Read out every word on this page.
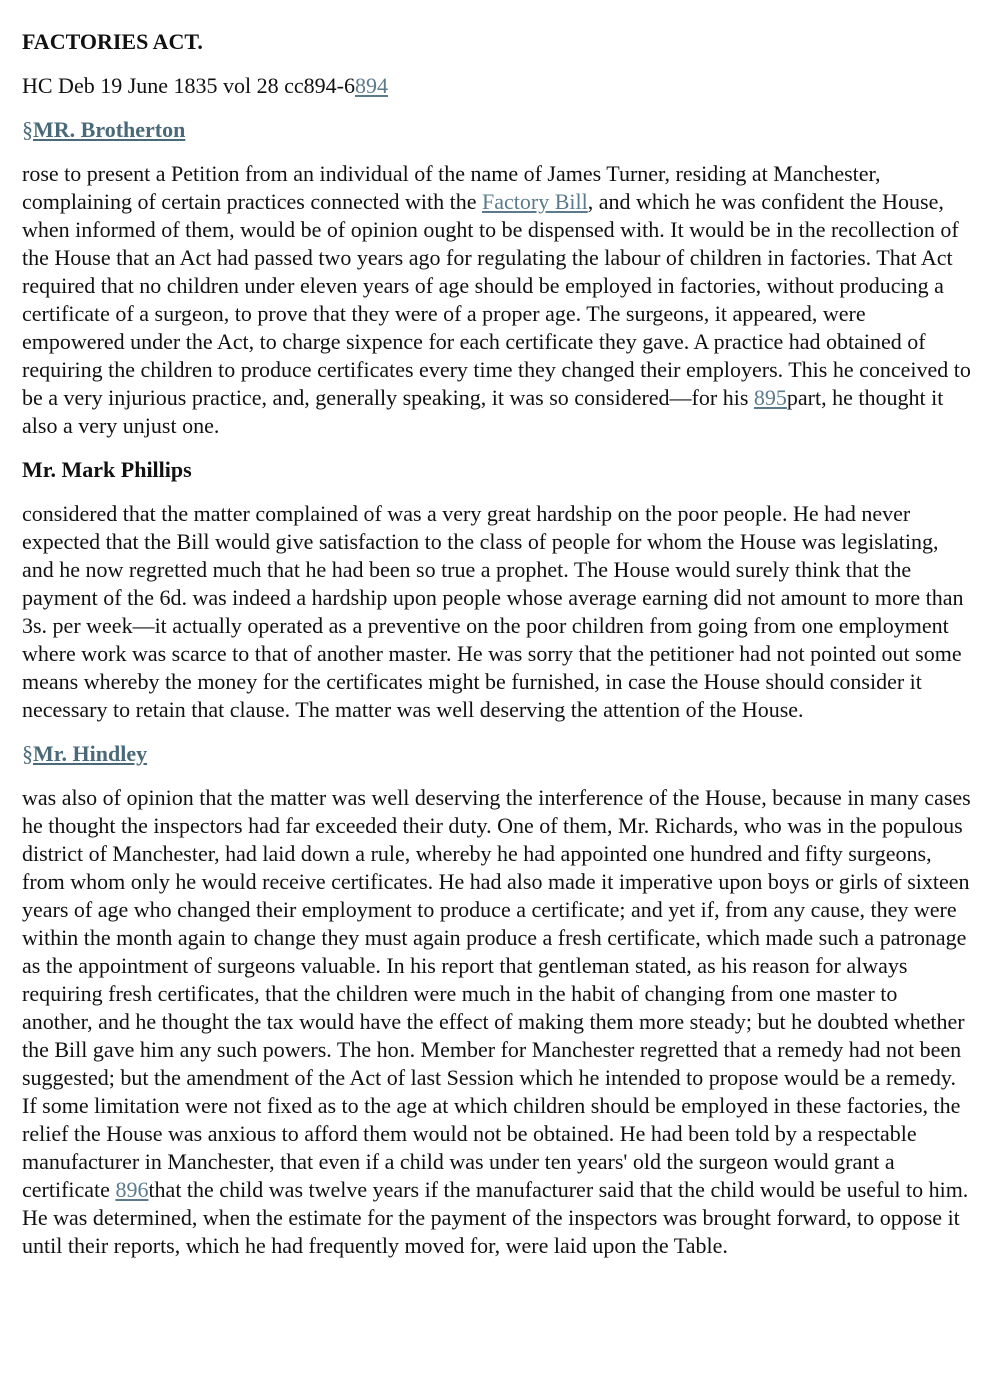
FACTORIES ACT.
HC Deb 19 June 1835 vol 28 cc894-6894
§MR. Brotherton
rose to present a Petition from an individual of the name of James Turner, residing at Manchester, complaining of certain practices connected with the Factory Bill, and which he was confident the House, when informed of them, would be of opinion ought to be dispensed with. It would be in the recollection of the House that an Act had passed two years ago for regulating the labour of children in factories. That Act required that no children under eleven years of age should be employed in factories, without producing a certificate of a surgeon, to prove that they were of a proper age. The surgeons, it appeared, were empowered under the Act, to charge sixpence for each certificate they gave. A practice had obtained of requiring the children to produce certificates every time they changed their employers. This he conceived to be a very injurious practice, and, generally speaking, it was so considered—for his 895part, he thought it also a very unjust one.
Mr. Mark Phillips
considered that the matter complained of was a very great hardship on the poor people. He had never expected that the Bill would give satisfaction to the class of people for whom the House was legislating, and he now regretted much that he had been so true a prophet. The House would surely think that the payment of the 6d. was indeed a hardship upon people whose average earning did not amount to more than 3s. per week—it actually operated as a preventive on the poor children from going from one employment where work was scarce to that of another master. He was sorry that the petitioner had not pointed out some means whereby the money for the certificates might be furnished, in case the House should consider it necessary to retain that clause. The matter was well deserving the attention of the House.
§Mr. Hindley
was also of opinion that the matter was well deserving the interference of the House, because in many cases he thought the inspectors had far exceeded their duty. One of them, Mr. Richards, who was in the populous district of Manchester, had laid down a rule, whereby he had appointed one hundred and fifty surgeons, from whom only he would receive certificates. He had also made it imperative upon boys or girls of sixteen years of age who changed their employment to produce a certificate; and yet if, from any cause, they were within the month again to change they must again produce a fresh certificate, which made such a patronage as the appointment of surgeons valuable. In his report that gentleman stated, as his reason for always requiring fresh certificates, that the children were much in the habit of changing from one master to another, and he thought the tax would have the effect of making them more steady; but he doubted whether the Bill gave him any such powers. The hon. Member for Manchester regretted that a remedy had not been suggested; but the amendment of the Act of last Session which he intended to propose would be a remedy. If some limitation were not fixed as to the age at which children should be employed in these factories, the relief the House was anxious to afford them would not be obtained. He had been told by a respectable manufacturer in Manchester, that even if a child was under ten years' old the surgeon would grant a certificate 896that the child was twelve years if the manufacturer said that the child would be useful to him. He was determined, when the estimate for the payment of the inspectors was brought forward, to oppose it until their reports, which he had frequently moved for, were laid upon the Table.
